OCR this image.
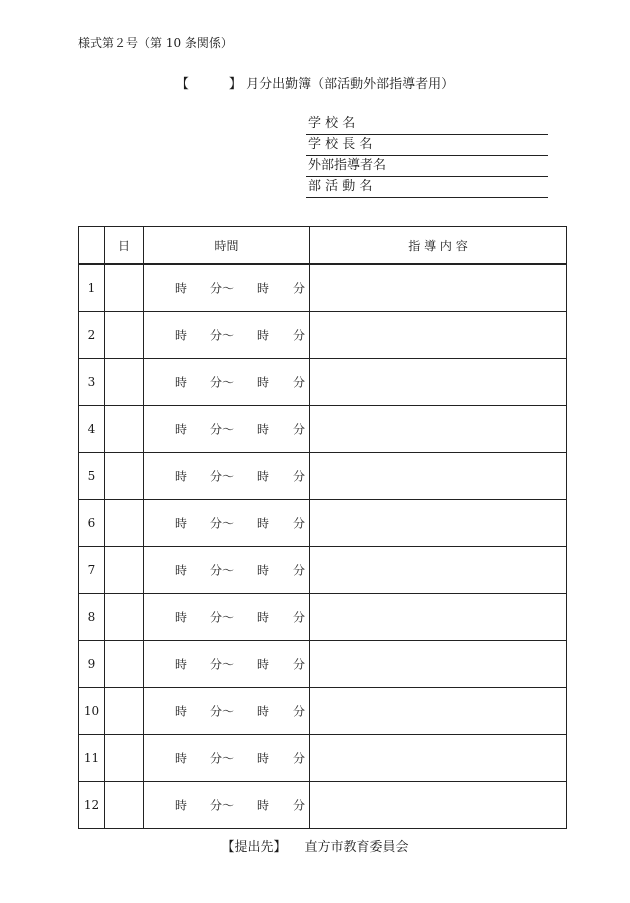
様式第２号（第 10 条関係）
【	】 月分出勤簿（部活動外部指導者用）
学 校 名
学 校 長 名
外部指導者名
部 活 動 名
	日	時間	指 導 内 容
1		時 分～ 時 分	

2		時 分～ 時 分	

3		時 分～ 時 分	

4		時 分～ 時 分	

5		時 分～ 時 分	

6		時 分～ 時 分	

7		時 分～ 時 分	

8		時 分～ 時 分	

9		時 分～ 時 分	

10		時 分～ 時 分	

11		時 分～ 時 分	

12		時 分～ 時 分	

【提出先】 直方市教育委員会
